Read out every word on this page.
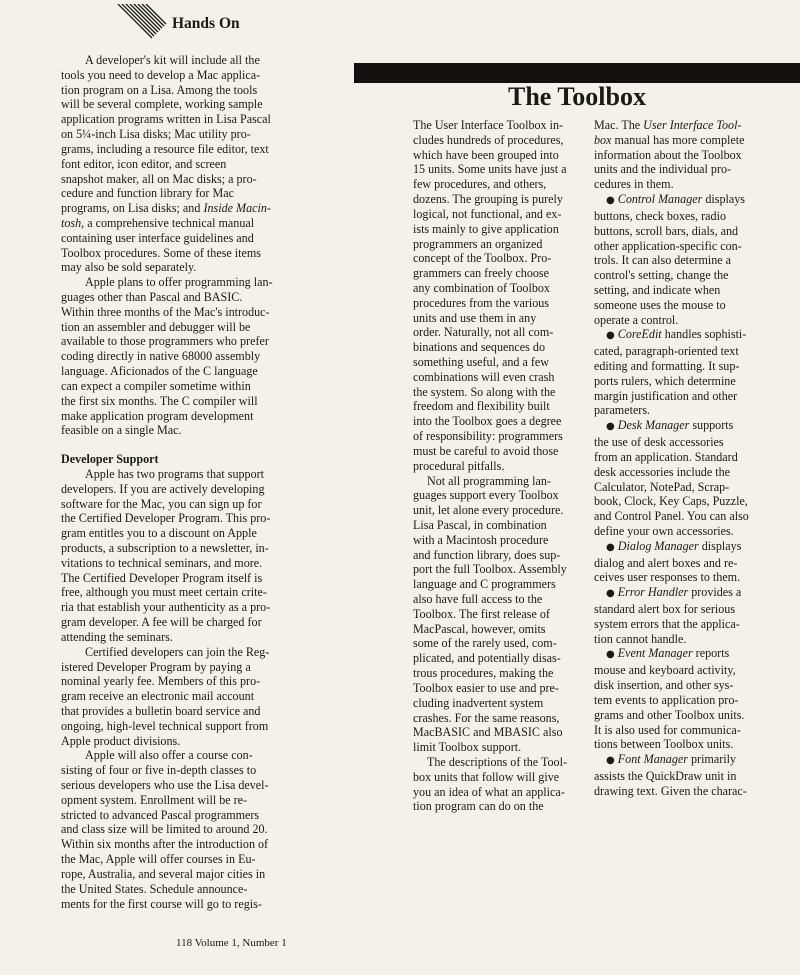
Hands On

A developer's kit will include all the
tools you need to develop a Mac applica-
tion program on a Lisa. Among the tools
will be several complete, working sample
application programs written in Lisa Pascal
on 5¼-inch Lisa disks; Mac utility pro-
grams, including a resource file editor, text
font editor, icon editor, and screen
snapshot maker, all on Mac disks; a pro-
cedure and function library for Mac
programs, on Lisa disks; and Inside Macin-
tosh, a comprehensive technical manual
containing user interface guidelines and
Toolbox procedures. Some of these items
may also be sold separately.

Apple plans to offer programming lan-
guages other than Pascal and BASIC.
Within three months of the Mac's introduc-
tion an assembler and debugger will be
available to those programmers who prefer
coding directly in native 68000 assembly
language. Aficionados of the C language
can expect a compiler sometime within
the first six months. The C compiler will
make application program development
feasible on a single Mac.

Developer Support

Apple has two programs that support
developers. If you are actively developing
software for the Mac, you can sign up for
the Certified Developer Program. This pro-
gram entitles you to a discount on Apple
products, a subscription to a newsletter, in-
vitations to technical seminars, and more.
The Certified Developer Program itself is
free, although you must meet certain crite-
ria that establish your authenticity as a pro-
gram developer. A fee will be charged for
attending the seminars.

Certified developers can join the Reg-
istered Developer Program by paying a
nominal yearly fee. Members of this pro-
gram receive an electronic mail account
that provides a bulletin board service and
ongoing, high-level technical support from
Apple product divisions.

Apple will also offer a course con-
sisting of four or five in-depth classes to
serious developers who use the Lisa devel-
opment system. Enrollment will be re-
stricted to advanced Pascal programmers
and class size will be limited to around 20.
Within six months after the introduction of
the Mac, Apple will offer courses in Eu-
rope, Australia, and several major cities in
the United States. Schedule announce-
ments for the first course will go to regis-

The Toolbox

The User Interface Toolbox in-
cludes hundreds of procedures,
which have been grouped into
15 units. Some units have just a
few procedures, and others,
dozens. The grouping is purely
logical, not functional, and ex-
ists mainly to give application
programmers an organized
concept of the Toolbox. Pro-
grammers can freely choose
any combination of Toolbox
procedures from the various
units and use them in any
order. Naturally, not all com-
binations and sequences do
something useful, and a few
combinations will even crash
the system. So along with the
freedom and flexibility built
into the Toolbox goes a degree
of responsibility: programmers
must be careful to avoid those
procedural pitfalls.

Not all programming lan-
guages support every Toolbox
unit, let alone every procedure.
Lisa Pascal, in combination
with a Macintosh procedure
and function library, does sup-
port the full Toolbox. Assembly
language and C programmers
also have full access to the
Toolbox. The first release of
MacPascal, however, omits
some of the rarely used, com-
plicated, and potentially disas-
trous procedures, making the
Toolbox easier to use and pre-
cluding inadvertent system
crashes. For the same reasons,
MacBASIC and MBASIC also
limit Toolbox support.

The descriptions of the Tool-
box units that follow will give
you an idea of what an applica-
tion program can do on the

Mac. The User Interface Tool-
box manual has more complete
information about the Toolbox
units and the individual pro-
cedures in them.

● Control Manager displays
buttons, check boxes, radio
buttons, scroll bars, dials, and
other application-specific con-
trols. It can also determine a
control's setting, change the
setting, and indicate when
someone uses the mouse to
operate a control.

● CoreEdit handles sophisti-
cated, paragraph-oriented text
editing and formatting. It sup-
ports rulers, which determine
margin justification and other
parameters.

● Desk Manager supports
the use of desk accessories
from an application. Standard
desk accessories include the
Calculator, NotePad, Scrap-
book, Clock, Key Caps, Puzzle,
and Control Panel. You can also
define your own accessories.

● Dialog Manager displays
dialog and alert boxes and re-
ceives user responses to them.

● Error Handler provides a
standard alert box for serious
system errors that the applica-
tion cannot handle.

● Event Manager reports
mouse and keyboard activity,
disk insertion, and other sys-
tem events to application pro-
grams and other Toolbox units.
It is also used for communica-
tions between Toolbox units.

● Font Manager primarily
assists the QuickDraw unit in
drawing text. Given the charac-

118 Volume 1, Number 1
